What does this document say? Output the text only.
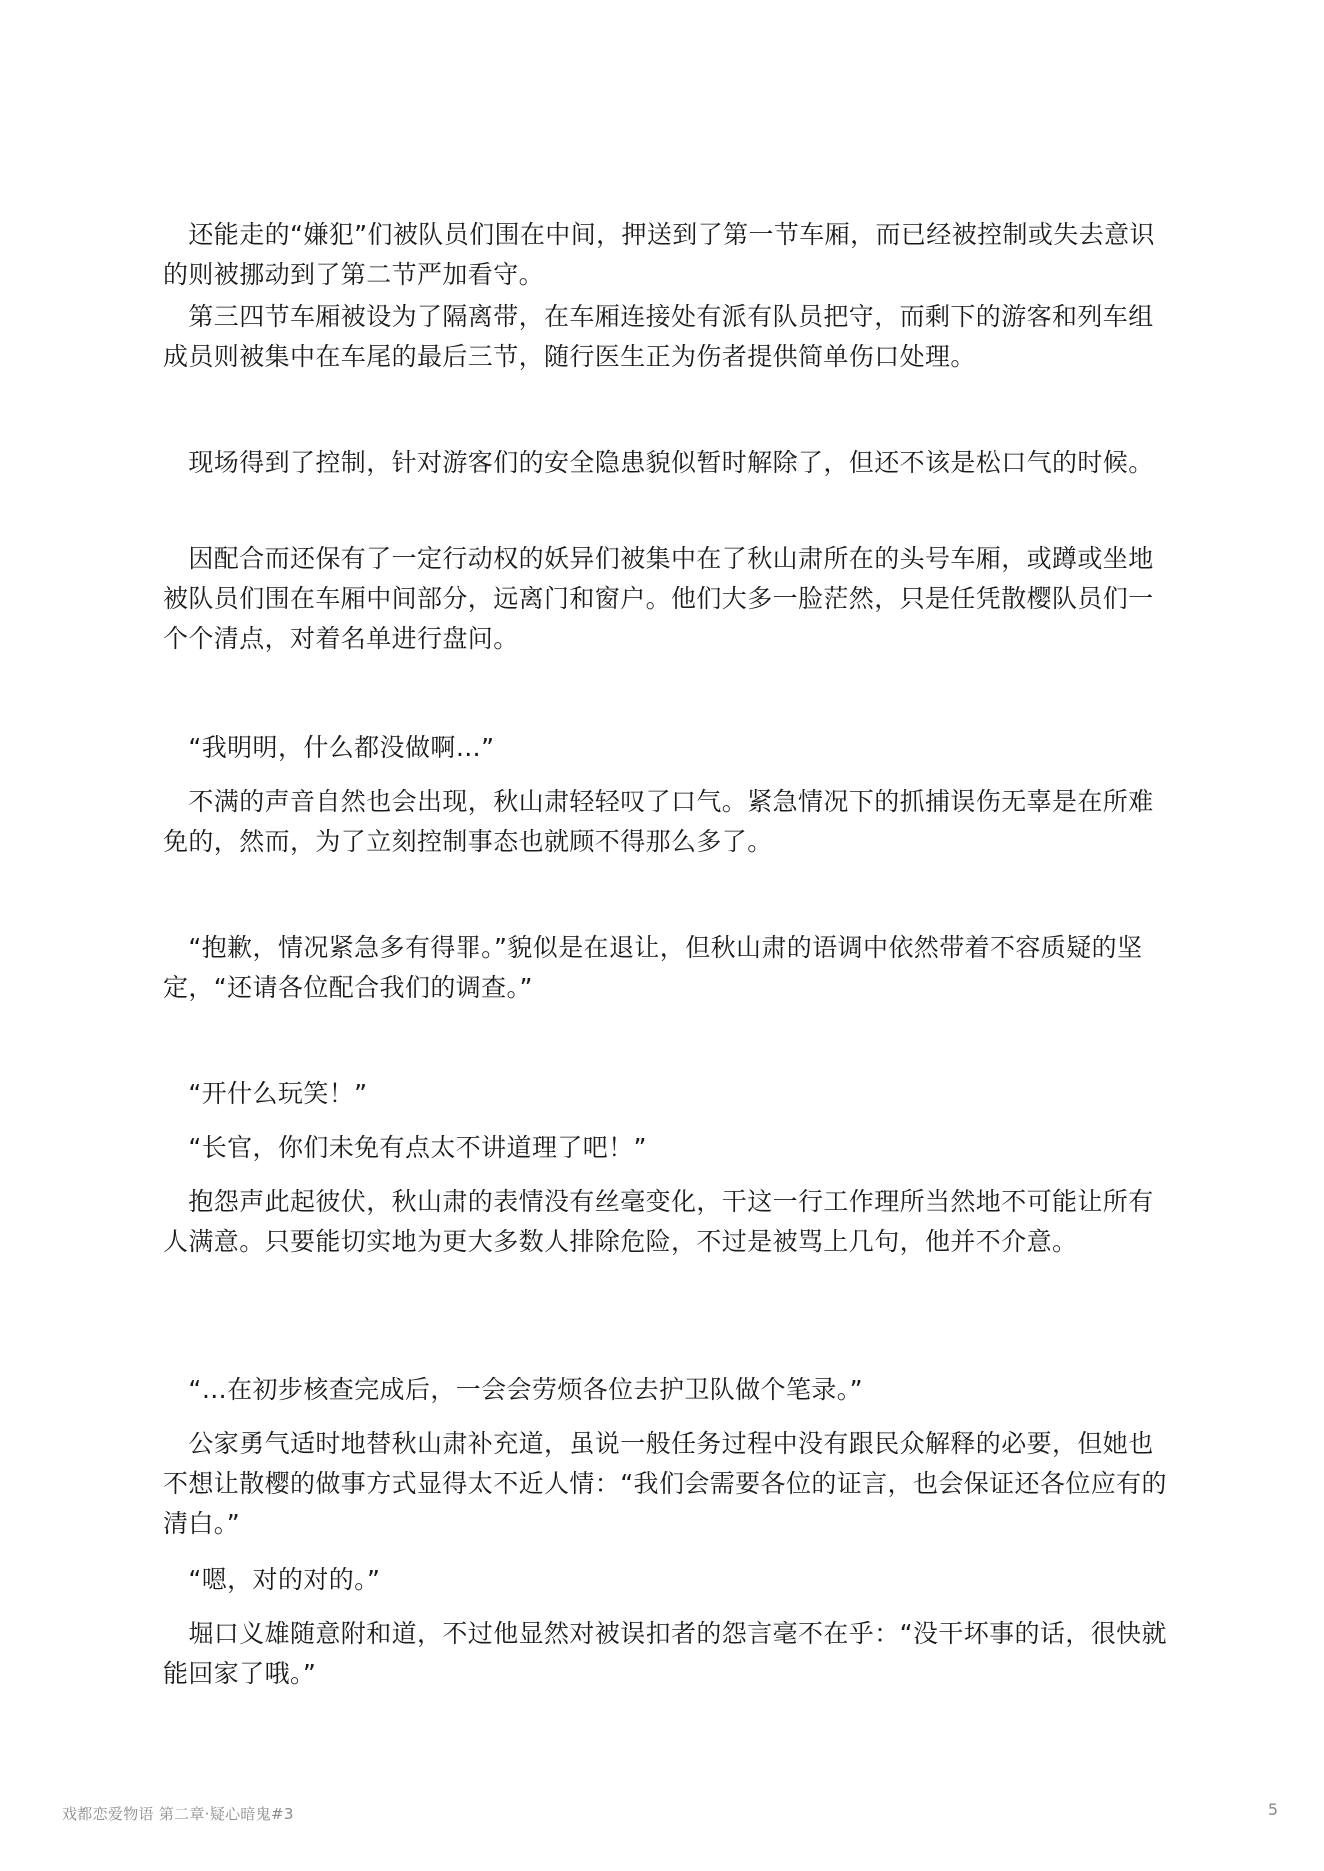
　还能走的“嫌犯”们被队员们围在中间，押送到了第一节车厢，而已经被控制或失去意识的则被挪动到了第二节严加看守。

　第三四节车厢被设为了隔离带，在车厢连接处有派有队员把守，而剩下的游客和列车组成员则被集中在车尾的最后三节，随行医生正为伤者提供简单伤口处理。

　现场得到了控制，针对游客们的安全隐患貌似暂时解除了，但还不该是松口气的时候。

　因配合而还保有了一定行动权的妖异们被集中在了秋山肃所在的头号车厢，或蹲或坐地被队员们围在车厢中间部分，远离门和窗户。他们大多一脸茫然，只是任凭散樱队员们一个个清点，对着名单进行盘问。

　“我明明，什么都没做啊…”

　不满的声音自然也会出现，秋山肃轻轻叹了口气。紧急情况下的抓捕误伤无辜是在所难免的，然而，为了立刻控制事态也就顾不得那么多了。

　“抱歉，情况紧急多有得罪。”貌似是在退让，但秋山肃的语调中依然带着不容质疑的坚定，“还请各位配合我们的调查。”

　“开什么玩笑！”

　“长官，你们未免有点太不讲道理了吧！”

　抱怨声此起彼伏，秋山肃的表情没有丝毫变化，干这一行工作理所当然地不可能让所有人满意。只要能切实地为更大多数人排除危险，不过是被骂上几句，他并不介意。

　“…在初步核查完成后，一会会劳烦各位去护卫队做个笔录。”

　公家勇气适时地替秋山肃补充道，虽说一般任务过程中没有跟民众解释的必要，但她也不想让散樱的做事方式显得太不近人情：“我们会需要各位的证言，也会保证还各位应有的清白。”

　“嗯，对的对的。”

　堀口义雄随意附和道，不过他显然对被误扣者的怨言毫不在乎：“没干坏事的话，很快就能回家了哦。”

戏都恋爱物语 第二章·疑心暗鬼#3	5
